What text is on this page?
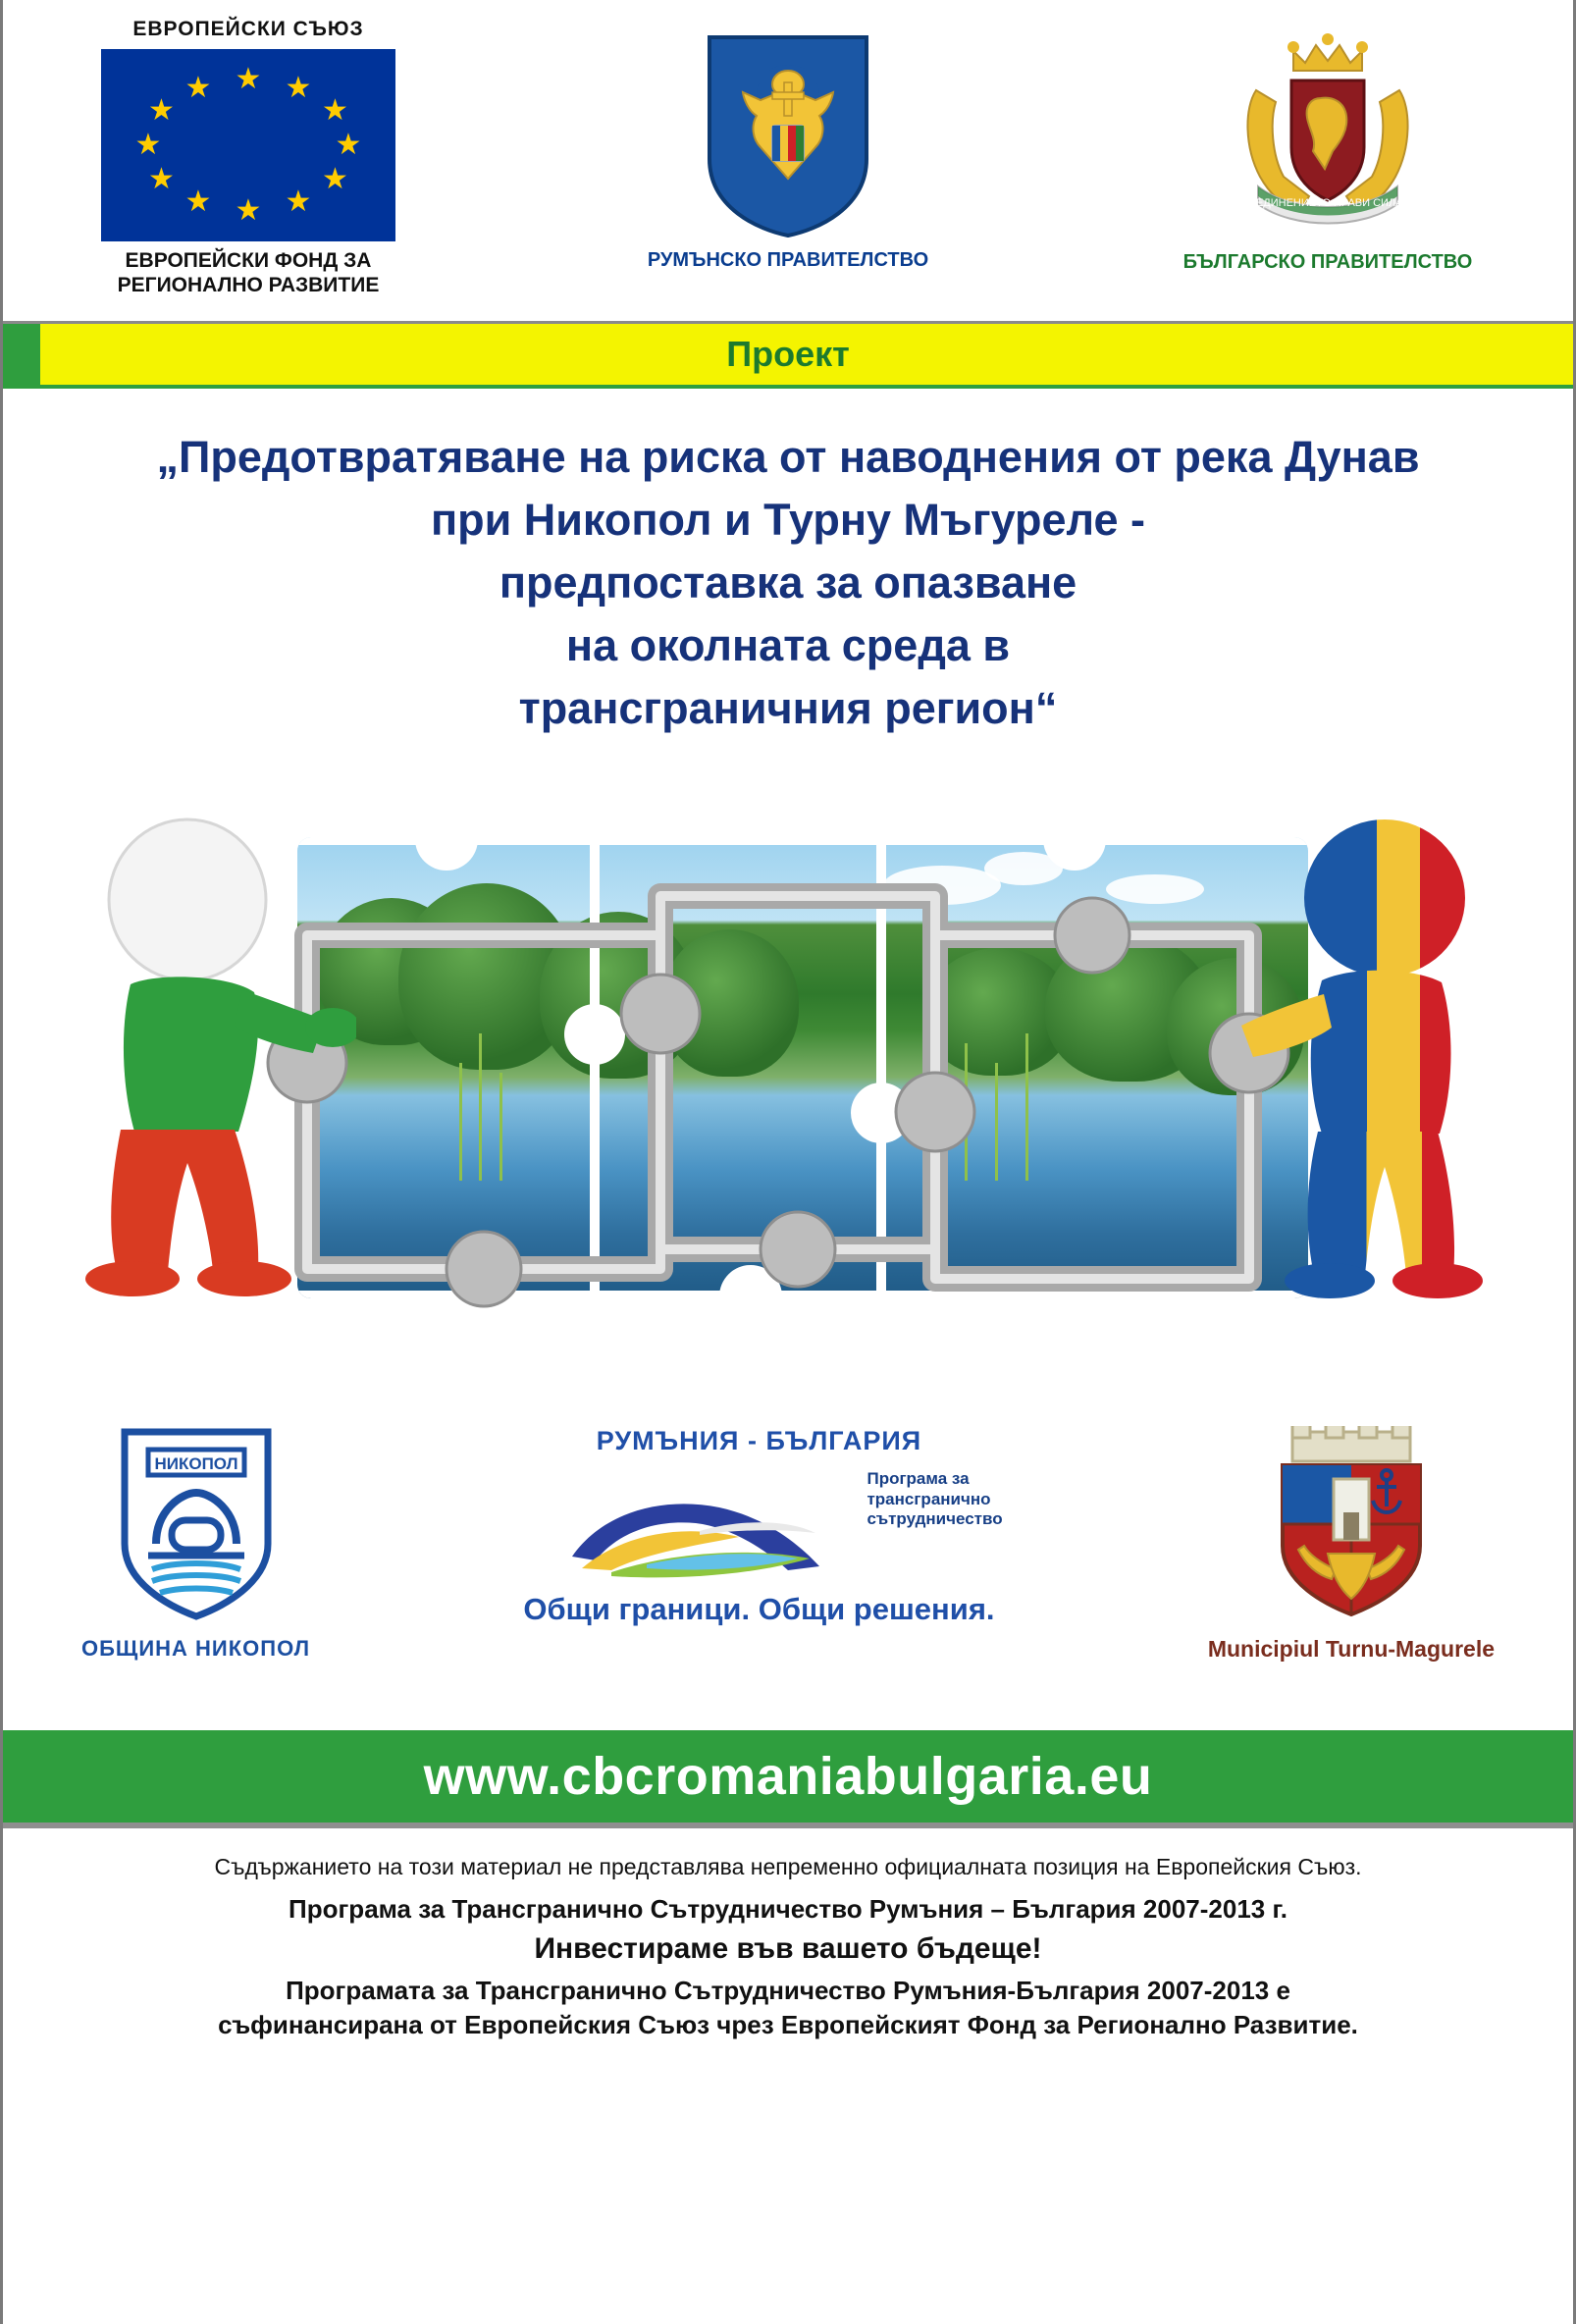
ЕВРОПЕЙСКИ СЪЮЗ
★ ★
★
★
★
★
★
★
★
★
★
★
ЕВРОПЕЙСКИ ФОНД ЗА
РЕГИОНАЛНО РАЗВИТИЕ
РУМЪНСКО ПРАВИТЕЛСТВО
СЪЕДИНЕНИЕТО ПРАВИ СИЛАТА
БЪЛГАРСКО ПРАВИТЕЛСТВО
Проект
„Предотвратяване на риска от наводнения от река Дунав
при Никопол и Турну Мъгуреле -
предпоставка за опазване
на околната среда в
трансграничния регион“
НИКОПОЛ
ОБЩИНА НИКОПОЛ
РУМЪНИЯ - БЪЛГАРИЯ
Програма за
трансгранично
сътрудничество
Общи граници. Общи решения.
Municipiul Turnu-Magurele
www.cbcromaniabulgaria.eu
Съдържанието на този материал не представлява непременно официалната позиция на Европейския Съюз.
Програма за Трансгранично Сътрудничество Румъния – България 2007-2013 г.
Инвестираме във вашето бъдеще!
Програмата за Трансгранично Сътрудничество Румъния-България 2007-2013 е
съфинансирана от Европейския Съюз чрез Европейският Фонд за Регионално Развитие.
